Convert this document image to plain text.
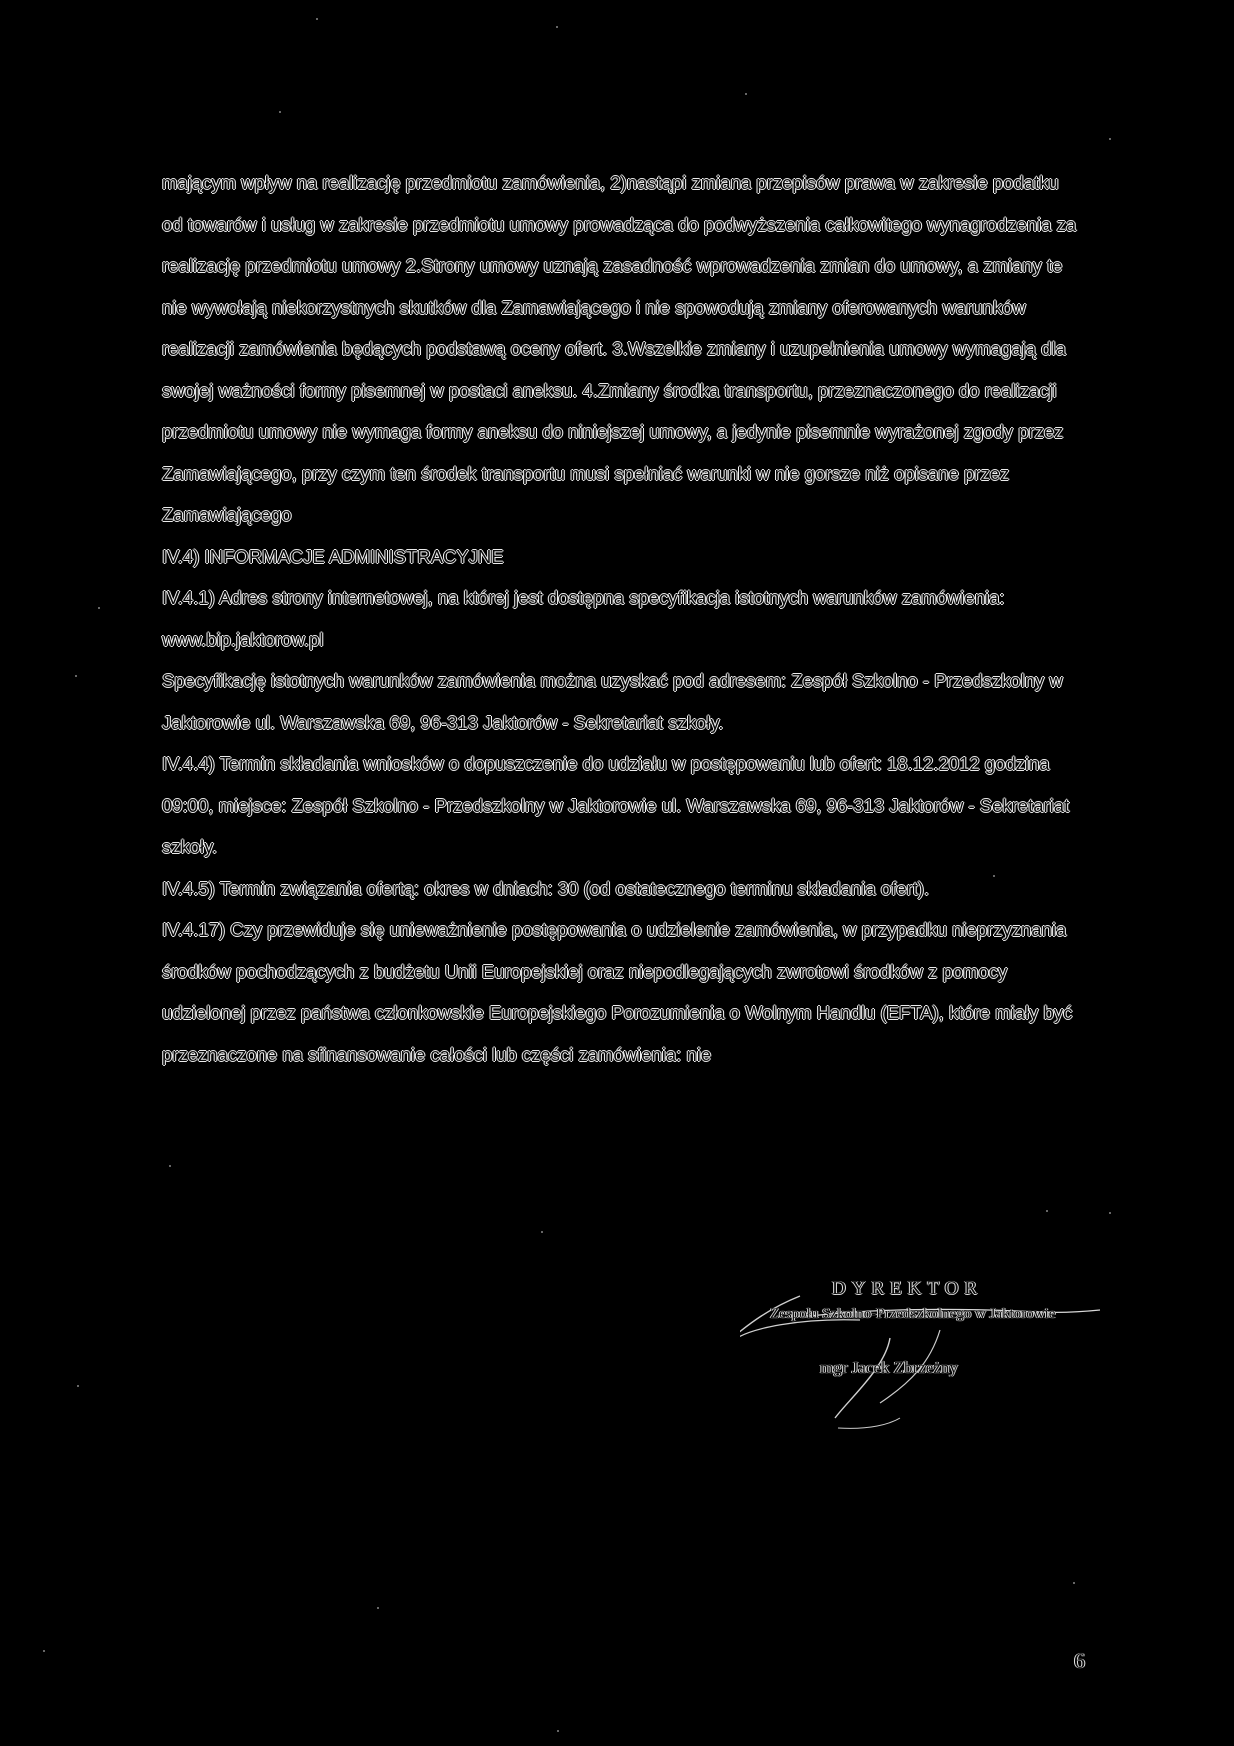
mającym wpływ na realizację przedmiotu zamówienia, 2)nastąpi zmiana przepisów prawa w zakresie podatku od towarów i usług w zakresie przedmiotu umowy prowadząca do podwyższenia całkowitego wynagrodzenia za realizację przedmiotu umowy 2.Strony umowy uznają zasadność wprowadzenia zmian do umowy, a zmiany te nie wywołają niekorzystnych skutków dla Zamawiającego i nie spowodują zmiany oferowanych warunków realizacji zamówienia będących podstawą oceny ofert. 3.Wszelkie zmiany i uzupełnienia umowy wymagają dla swojej ważności formy pisemnej w postaci aneksu. 4.Zmiany środka transportu, przeznaczonego do realizacji przedmiotu umowy nie wymaga formy aneksu do niniejszej umowy, a jedynie pisemnie wyrażonej zgody przez Zamawiającego, przy czym ten środek transportu musi spełniać warunki w nie gorsze niż opisane przez Zamawiającego

IV.4) INFORMACJE ADMINISTRACYJNE

IV.4.1) Adres strony internetowej, na której jest dostępna specyfikacja istotnych warunków zamówienia: www.bip.jaktorow.pl

Specyfikację istotnych warunków zamówienia można uzyskać pod adresem: Zespół Szkolno - Przedszkolny w Jaktorowie ul. Warszawska 69, 96-313 Jaktorów - Sekretariat szkoły.

IV.4.4) Termin składania wniosków o dopuszczenie do udziału w postępowaniu lub ofert: 18.12.2012 godzina 09:00, miejsce: Zespół Szkolno - Przedszkolny w Jaktorowie ul. Warszawska 69, 96-313 Jaktorów - Sekretariat szkoły.

IV.4.5) Termin związania ofertą: okres w dniach: 30 (od ostatecznego terminu składania ofert).

IV.4.17) Czy przewiduje się unieważnienie postępowania o udzielenie zamówienia, w przypadku nieprzyznania środków pochodzących z budżetu Unii Europejskiej oraz niepodlegających zwrotowi środków z pomocy udzielonej przez państwa członkowskie Europejskiego Porozumienia o Wolnym Handlu (EFTA), które miały być przeznaczone na sfinansowanie całości lub części zamówienia: nie

DYREKTOR
Zespołu Szkolno-Przedszkolnego w Jaktorowie
mgr Jacek Zbrzeżny
6
